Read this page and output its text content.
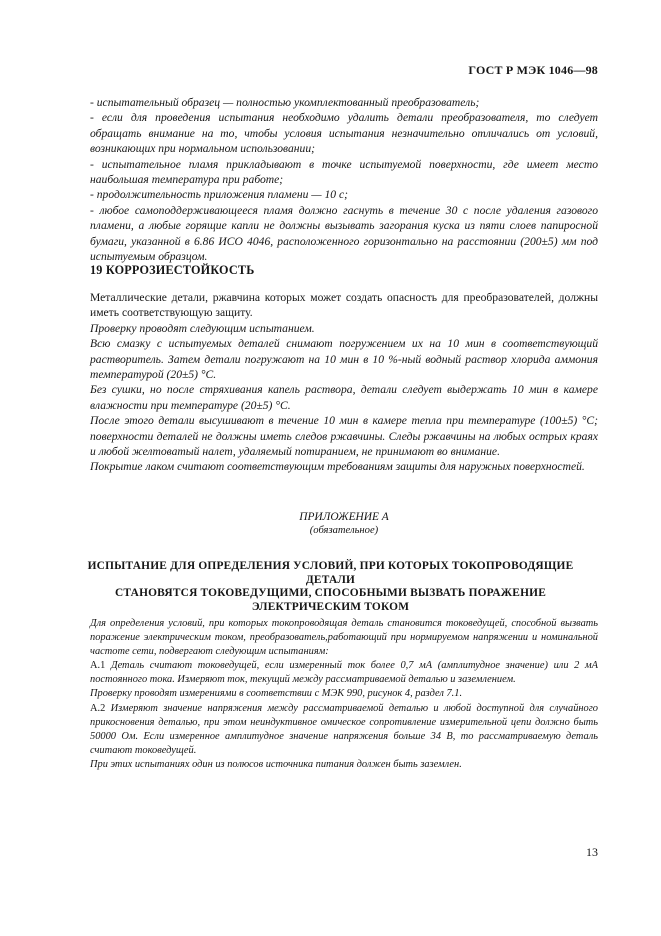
ГОСТ Р МЭК 1046—98

- испытательный образец — полностью укомплектованный преобразователь;

- если для проведения испытания необходимо удалить детали преобразователя, то следует обращать внимание на то, чтобы условия испытания незначительно отличались от условий, возникающих при нормальном использовании;

- испытательное пламя прикладывают в точке испытуемой поверхности, где имеет место наибольшая температура при работе;

- продолжительность приложения пламени — 10 с;

- любое самоподдерживающееся пламя должно гаснуть в течение 30 с после удаления газового пламени, а любые горящие капли не должны вызывать загорания куска из пяти слоев папиросной бумаги, указанной в 6.86 ИСО 4046, расположенного горизонтально на расстоянии (200±5) мм под испытуемым образцом.

19 КОРРОЗИЕСТОЙКОСТЬ

Металлические детали, ржавчина которых может создать опасность для преобразователей, должны иметь соответствующую защиту.

Проверку проводят следующим испытанием.

Всю смазку с испытуемых деталей снимают погружением их на 10 мин в соответствующий растворитель. Затем детали погружают на 10 мин в 10 %-ный водный раствор хлорида аммония температурой (20±5) °С.

Без сушки, но после стряхивания капель раствора, детали следует выдержать 10 мин в камере влажности при температуре (20±5) °С.

После этого детали высушивают в течение 10 мин в камере тепла при температуре (100±5) °С; поверхности деталей не должны иметь следов ржавчины. Следы ржавчины на любых острых краях и любой желтоватый налет, удаляемый потиранием, не принимают во внимание.

Покрытие лаком считают соответствующим требованиям защиты для наружных поверхностей.

ПРИЛОЖЕНИЕ А

(обязательное)

ИСПЫТАНИЕ ДЛЯ ОПРЕДЕЛЕНИЯ УСЛОВИЙ, ПРИ КОТОРЫХ ТОКОПРОВОДЯЩИЕ ДЕТАЛИ

СТАНОВЯТСЯ ТОКОВЕДУЩИМИ, СПОСОБНЫМИ ВЫЗВАТЬ ПОРАЖЕНИЕ

ЭЛЕКТРИЧЕСКИМ ТОКОМ

Для определения условий, при которых токопроводящая деталь становится токоведущей, способной вызвать поражение электрическим током, преобразователь,работающий при нормируемом напряжении и номинальной частоте сети, подвергают следующим испытаниям:

А.1 Деталь считают токоведущей, если измеренный ток более 0,7 мА (амплитудное значение) или 2 мА постоянного тока. Измеряют ток, текущий между рассматриваемой деталью и заземлением.

Проверку проводят измерениями в соответствии с МЭК 990, рисунок 4, раздел 7.1.

А.2 Измеряют значение напряжения между рассматриваемой деталью и любой доступной для случайного прикосновения деталью, при этом неиндуктивное омическое сопротивление измерительной цепи должно быть 50000 Ом. Если измеренное амплитудное значение напряжения больше 34 В, то рассматриваемую деталь считают токоведущей.

При этих испытаниях один из полюсов источника питания должен быть заземлен.

13
